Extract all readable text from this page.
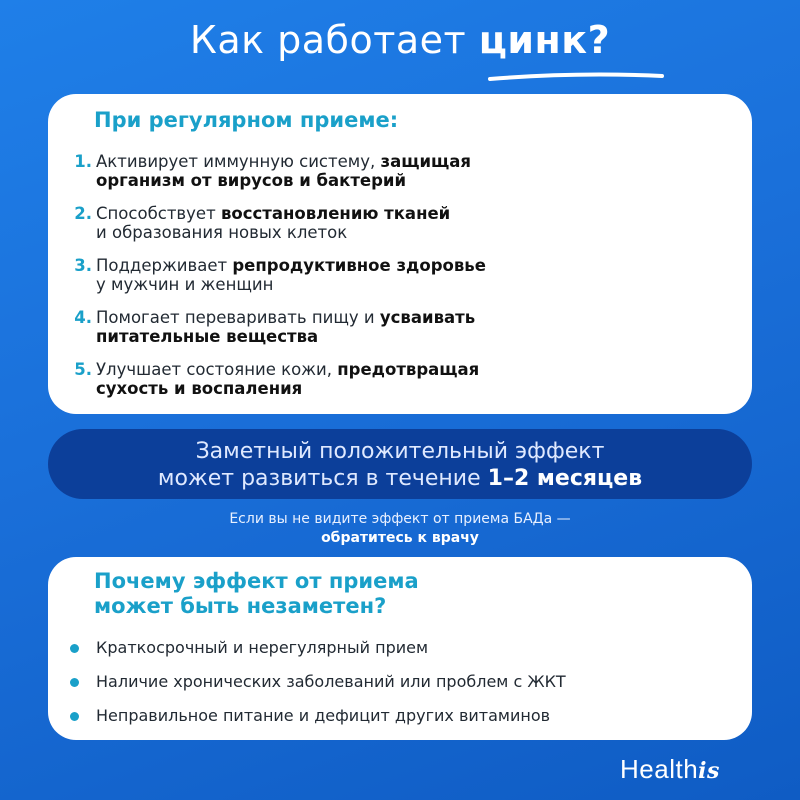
Как работает цинк?
При регулярном приеме:
1. Активирует иммунную систему, защищая
организм от вирусов и бактерий
2. Способствует восстановлению тканей
и образования новых клеток
3. Поддерживает репродуктивное здоровье
у мужчин и женщин
4. Помогает переваривать пищу и усваивать
питательные вещества
5. Улучшает состояние кожи, предотвращая
сухость и воспаления
Заметный положительный эффект
может развиться в течение 1–2 месяцев
Если вы не видите эффект от приема БАДа —
обратитесь к врачу
Почему эффект от приема
может быть незаметен?
Краткосрочный и нерегулярный прием
Наличие хронических заболеваний или проблем с ЖКТ
Неправильное питание и дефицит других витаминов
Healthis
